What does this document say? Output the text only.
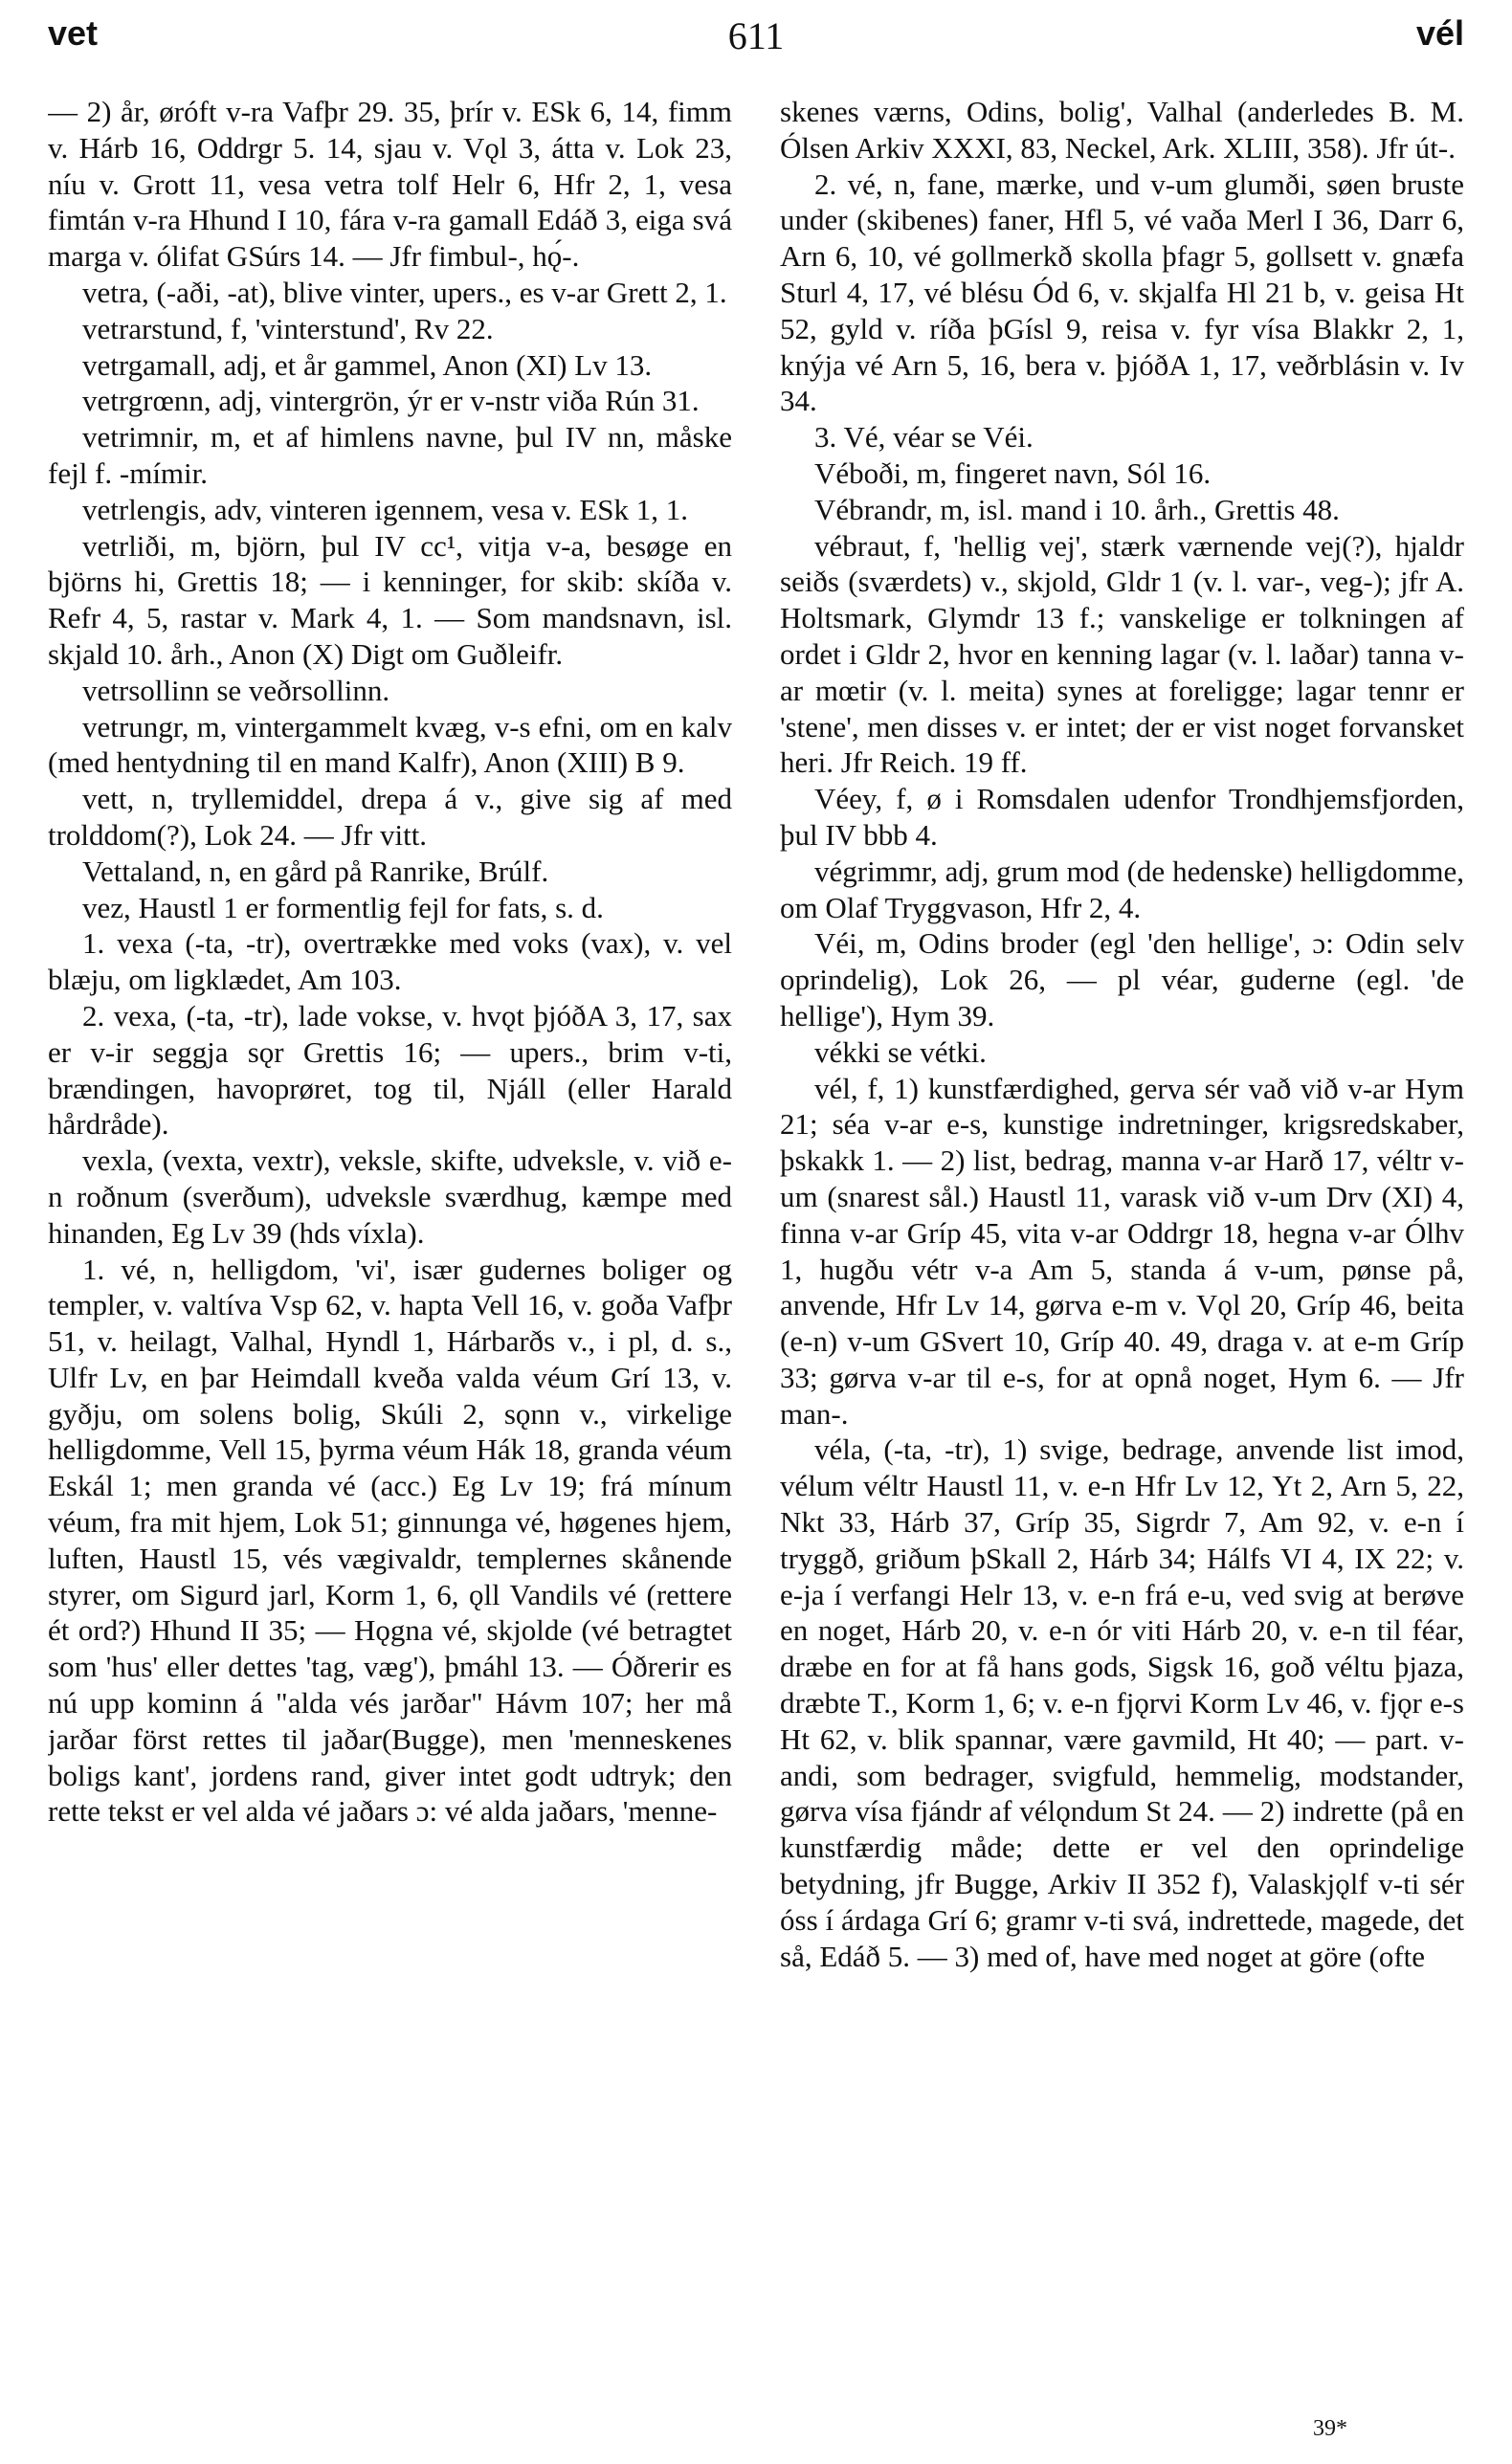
vet	611	vél

— 2) år, øróft v-ra Vafþr 29. 35, þrír v. ESk 6, 14, fimm v. Hárb 16, Oddrgr 5. 14, sjau v. Vǫl 3, átta v. Lok 23, níu v. Grott 11, vesa vetra tolf Helr 6, Hfr 2, 1, vesa fimtán v-ra Hhund I 10, fára v-ra gamall Edáð 3, eiga svá marga v. ólifat GSúrs 14. — Jfr fimbul-, hǫ́-.

vetra, (-aði, -at), blive vinter, upers., es v-ar Grett 2, 1.

vetrarstund, f, 'vinterstund', Rv 22.

vetrgamall, adj, et år gammel, Anon (XI) Lv 13.

vetrgrœnn, adj, vintergrön, ýr er v-nstr viða Rún 31.

vetrimnir, m, et af himlens navne, þul IV nn, måske fejl f. -mímir.

vetrlengis, adv, vinteren igennem, vesa v. ESk 1, 1.

vetrliði, m, björn, þul IV cc¹, vitja v-a, besøge en björns hi, Grettis 18; — i kenninger, for skib: skíða v. Refr 4, 5, rastar v. Mark 4, 1. — Som mandsnavn, isl. skjald 10. årh., Anon (X) Digt om Guðleifr.

vetrsollinn se veðrsollinn.

vetrungr, m, vintergammelt kvæg, v-s efni, om en kalv (med hentydning til en mand Kalfr), Anon (XIII) B 9.

vett, n, tryllemiddel, drepa á v., give sig af med trolddom(?), Lok 24. — Jfr vitt.

Vettaland, n, en gård på Ranrike, Brúlf.

vez, Haustl 1 er formentlig fejl for fats, s. d.

1. vexa (-ta, -tr), overtrække med voks (vax), v. vel blæju, om ligklædet, Am 103.

2. vexa, (-ta, -tr), lade vokse, v. hvǫt þjóðA 3, 17, sax er v-ir seggja sǫr Grettis 16; — upers., brim v-ti, brændingen, havoprøret, tog til, Njáll (eller Harald hårdråde).

vexla, (vexta, vextr), veksle, skifte, udveksle, v. við e-n roðnum (sverðum), udveksle sværdhug, kæmpe med hinanden, Eg Lv 39 (hds víxla).

1. vé, n, helligdom, 'vi', især gudernes boliger og templer, v. valtíva Vsp 62, v. hapta Vell 16, v. goða Vafþr 51, v. heilagt, Valhal, Hyndl 1, Hárbarðs v., i pl, d. s., Ulfr Lv, en þar Heimdall kveða valda véum Grí 13, v. gyðju, om solens bolig, Skúli 2, sǫnn v., virkelige helligdomme, Vell 15, þyrma véum Hák 18, granda véum Eskál 1; men granda vé (acc.) Eg Lv 19; frá mínum véum, fra mit hjem, Lok 51; ginnunga vé, høgenes hjem, luften, Haustl 15, vés vægivaldr, templernes skånende styrer, om Sigurd jarl, Korm 1, 6, ǫll Vandils vé (rettere ét ord?) Hhund II 35; — Hǫgna vé, skjolde (vé betragtet som 'hus' eller dettes 'tag, væg'), þmáhl 13. — Óðrerir es nú upp kominn á "alda vés jarðar" Hávm 107; her må jarðar först rettes til jaðar(Bugge), men 'menneskenes boligs kant', jordens rand, giver intet godt udtryk; den rette tekst er vel alda vé jaðars ɔ: vé alda jaðars, 'menne-

skenes værns, Odins, bolig', Valhal (anderledes B. M. Ólsen Arkiv XXXI, 83, Neckel, Ark. XLIII, 358). Jfr út-.

2. vé, n, fane, mærke, und v-um glumði, søen bruste under (skibenes) faner, Hfl 5, vé vaða Merl I 36, Darr 6, Arn 6, 10, vé gollmerkð skolla þfagr 5, gollsett v. gnæfa Sturl 4, 17, vé blésu Ód 6, v. skjalfa Hl 21 b, v. geisa Ht 52, gyld v. ríða þGísl 9, reisa v. fyr vísa Blakkr 2, 1, knýja vé Arn 5, 16, bera v. þjóðA 1, 17, veðrblásin v. Iv 34.

3. Vé, véar se Véi.

Véboði, m, fingeret navn, Sól 16.

Vébrandr, m, isl. mand i 10. årh., Grettis 48.

vébraut, f, 'hellig vej', stærk værnende vej(?), hjaldr seiðs (sværdets) v., skjold, Gldr 1 (v. l. var-, veg-); jfr A. Holtsmark, Glymdr 13 f.; vanskelige er tolkningen af ordet i Gldr 2, hvor en kenning lagar (v. l. laðar) tanna v-ar mœtir (v. l. meita) synes at foreligge; lagar tennr er 'stene', men disses v. er intet; der er vist noget forvansket heri. Jfr Reich. 19 ff.

Véey, f, ø i Romsdalen udenfor Trondhjemsfjorden, þul IV bbb 4.

végrimmr, adj, grum mod (de hedenske) helligdomme, om Olaf Tryggvason, Hfr 2, 4.

Véi, m, Odins broder (egl 'den hellige', ɔ: Odin selv oprindelig), Lok 26, — pl véar, guderne (egl. 'de hellige'), Hym 39.

vékki se vétki.

vél, f, 1) kunstfærdighed, gerva sér vað við v-ar Hym 21; séa v-ar e-s, kunstige indretninger, krigsredskaber, þskakk 1. — 2) list, bedrag, manna v-ar Harð 17, véltr v-um (snarest sål.) Haustl 11, varask við v-um Drv (XI) 4, finna v-ar Gríp 45, vita v-ar Oddrgr 18, hegna v-ar Ólhv 1, hugðu vétr v-a Am 5, standa á v-um, pønse på, anvende, Hfr Lv 14, gørva e-m v. Vǫl 20, Gríp 46, beita (e-n) v-um GSvert 10, Gríp 40. 49, draga v. at e-m Gríp 33; gørva v-ar til e-s, for at opnå noget, Hym 6. — Jfr man-.

véla, (-ta, -tr), 1) svige, bedrage, anvende list imod, vélum véltr Haustl 11, v. e-n Hfr Lv 12, Yt 2, Arn 5, 22, Nkt 33, Hárb 37, Gríp 35, Sigrdr 7, Am 92, v. e-n í tryggð, griðum þSkall 2, Hárb 34; Hálfs VI 4, IX 22; v. e-ja í verfangi Helr 13, v. e-n frá e-u, ved svig at berøve en noget, Hárb 20, v. e-n ór viti Hárb 20, v. e-n til féar, dræbe en for at få hans gods, Sigsk 16, goð véltu þjaza, dræbte T., Korm 1, 6; v. e-n fjǫrvi Korm Lv 46, v. fjǫr e-s Ht 62, v. blik spannar, være gavmild, Ht 40; — part. v-andi, som bedrager, svigfuld, hemmelig, modstander, gørva vísa fjándr af vélǫndum St 24. — 2) indrette (på en kunstfærdig måde; dette er vel den oprindelige betydning, jfr Bugge, Arkiv II 352 f), Valaskjǫlf v-ti sér óss í árdaga Grí 6; gramr v-ti svá, indrettede, magede, det så, Edáð 5. — 3) med of, have med noget at göre (ofte

39*
